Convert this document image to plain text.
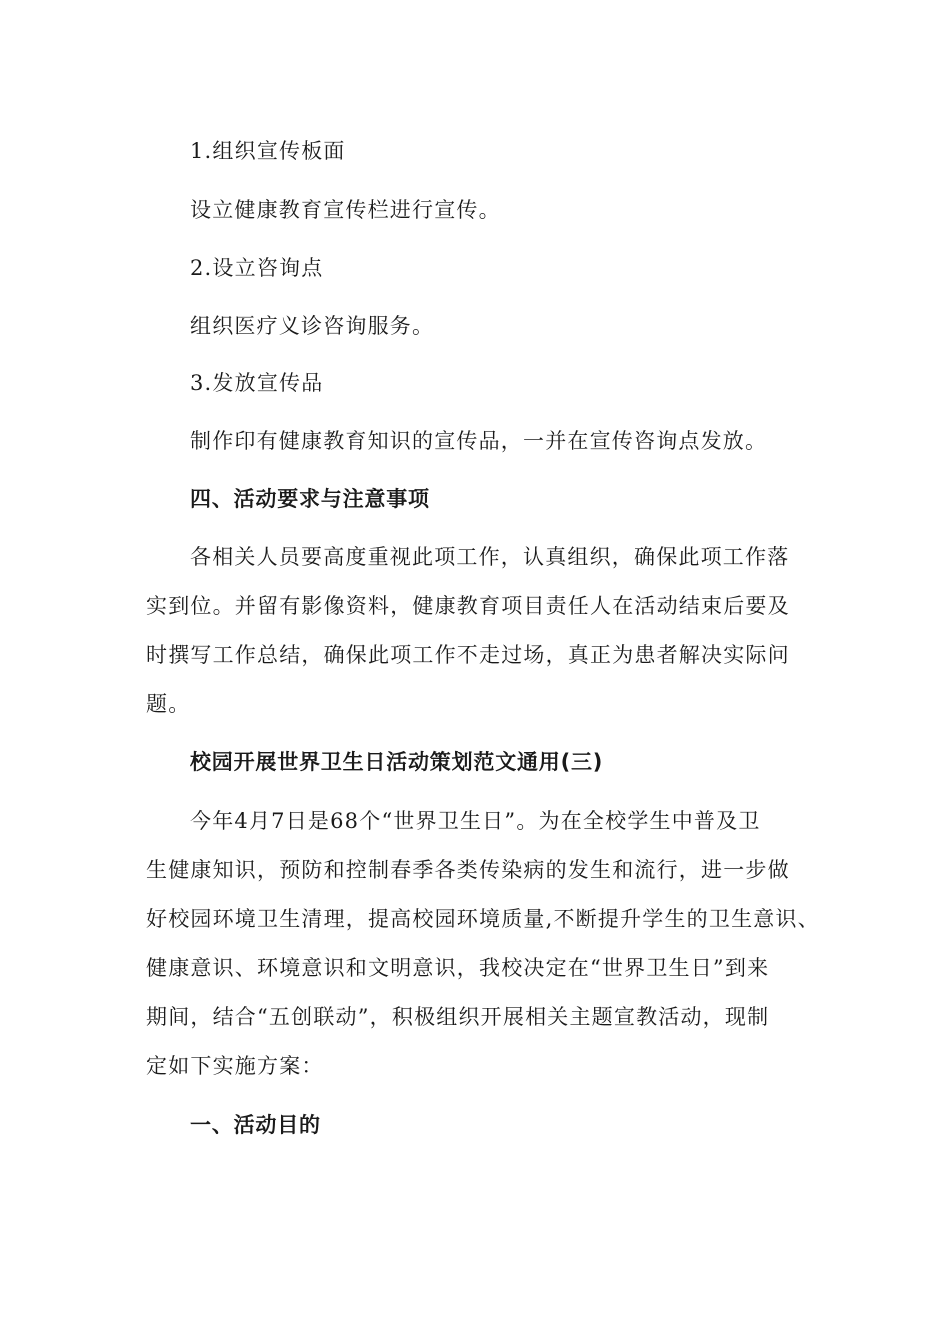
1.组织宣传板面
设立健康教育宣传栏进行宣传。
2.设立咨询点
组织医疗义诊咨询服务。
3.发放宣传品
制作印有健康教育知识的宣传品，一并在宣传咨询点发放。
四、活动要求与注意事项
各相关人员要高度重视此项工作，认真组织，确保此项工作落
实到位。并留有影像资料，健康教育项目责任人在活动结束后要及
时撰写工作总结，确保此项工作不走过场，真正为患者解决实际问
题。
校园开展世界卫生日活动策划范文通用(三)
今年4月7日是68个“世界卫生日”。为在全校学生中普及卫
生健康知识，预防和控制春季各类传染病的发生和流行，进一步做
好校园环境卫生清理，提高校园环境质量,不断提升学生的卫生意识、
健康意识、环境意识和文明意识，我校决定在“世界卫生日”到来
期间，结合“五创联动”，积极组织开展相关主题宣教活动，现制
定如下实施方案：
一、活动目的
